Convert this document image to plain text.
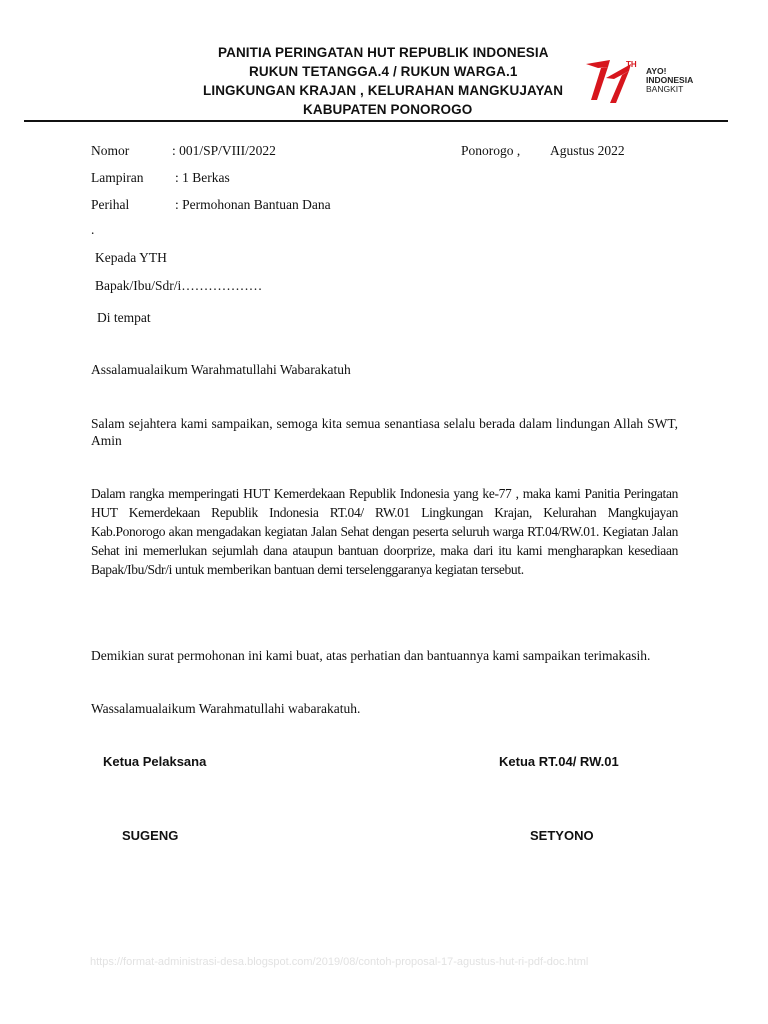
PANITIA PERINGATAN HUT REPUBLIK INDONESIA
RUKUN TETANGGA.4 / RUKUN WARGA.1
LINGKUNGAN KRAJAN , KELURAHAN MANGKUJAYAN
KABUPATEN PONOROGO
TH
AYO!
INDONESIA
BANGKIT
Nomor	: 001/SP/VIII/2022	Ponorogo , Agustus 2022
Lampiran : 1 Berkas
Perihal	: Permohonan Bantuan Dana
.
Kepada YTH
Bapak/Ibu/Sdr/i………………
Di tempat
Assalamualaikum Warahmatullahi Wabarakatuh
Salam sejahtera kami sampaikan, semoga kita semua senantiasa selalu berada dalam lindungan Allah SWT, Amin
Dalam rangka memperingati HUT Kemerdekaan Republik Indonesia yang ke-77 , maka kami Panitia Peringatan HUT Kemerdekaan Republik Indonesia RT.04/ RW.01 Lingkungan Krajan, Kelurahan Mangkujayan Kab.Ponorogo akan mengadakan kegiatan Jalan Sehat dengan peserta seluruh warga RT.04/RW.01. Kegiatan Jalan Sehat ini memerlukan sejumlah dana ataupun bantuan doorprize, maka dari itu kami mengharapkan kesediaan Bapak/Ibu/Sdr/i untuk memberikan bantuan demi terselenggaranya kegiatan tersebut.
Demikian surat permohonan ini kami buat, atas perhatian dan bantuannya kami sampaikan terimakasih.
Wassalamualaikum Warahmatullahi wabarakatuh.
Ketua Pelaksana	Ketua RT.04/ RW.01
SUGENG	SETYONO
https://format-administrasi-desa.blogspot.com/2019/08/contoh-proposal-17-agustus-hut-ri-pdf-doc.html
